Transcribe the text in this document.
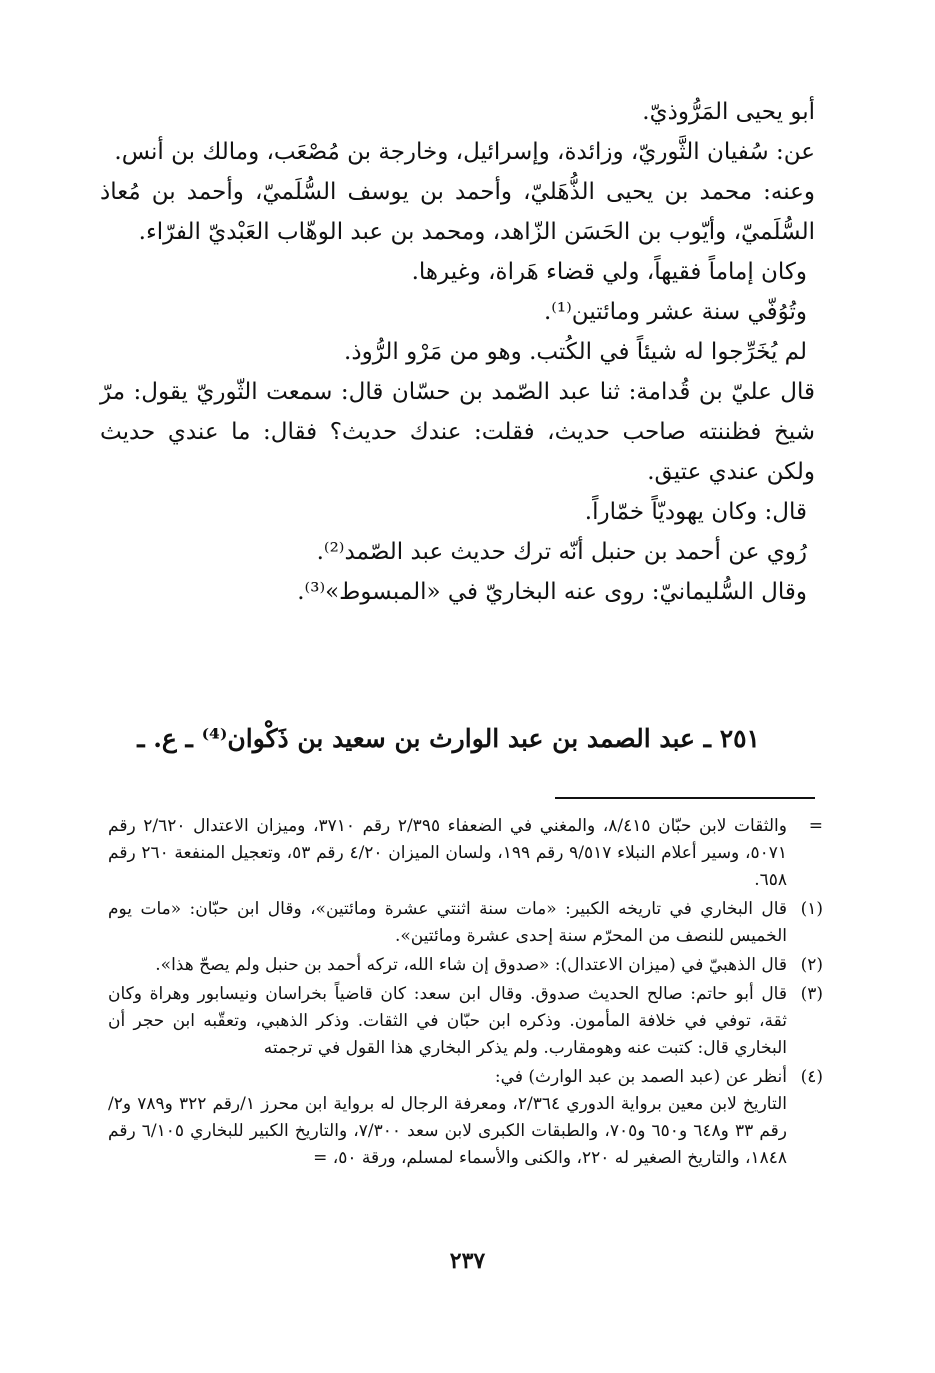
أبو يحيى المَرُّوذيّ.

عن: سُفيان الثَّوريّ، وزائدة، وإسرائيل، وخارجة بن مُصْعَب، ومالك بن أنس.

وعنه: محمد بن يحيى الذُّهَليّ، وأحمد بن يوسف السُّلَميّ، وأحمد بن مُعاذ السُّلَميّ، وأيّوب بن الحَسَن الزّاهد، ومحمد بن عبد الوهّاب العَبْديّ الفرّاء.

وكان إماماً فقيهاً، ولي قضاء هَراة، وغيرها.

وتُوُفّي سنة عشر ومائتين⁽¹⁾.

لم يُخَرِّجوا له شيئاً في الكُتب. وهو من مَرْو الرُّوذ.

قال عليّ بن قُدامة: ثنا عبد الصّمد بن حسّان قال: سمعت الثّوريّ يقول: مرّ شيخ فظننته صاحب حديث، فقلت: عندك حديث؟ فقال: ما عندي حديث ولكن عندي عتيق.

قال: وكان يهوديّاً خمّاراً.

رُوي عن أحمد بن حنبل أنّه ترك حديث عبد الصّمد⁽²⁾.

وقال السُّليمانيّ: روى عنه البخاريّ في «المبسوط»⁽³⁾.

٢٥١ ـ عبد الصمد بن عبد الوارث بن سعيد بن ذَكْوان⁽⁴⁾ ـ ع. ـ
=

والثقات لابن حبّان ٨/٤١٥، والمغني في الضعفاء ٢/٣٩٥ رقم ٣٧١٠، وميزان الاعتدال ٢/٦٢٠ رقم ٥٠٧١، وسير أعلام النبلاء ٩/٥١٧ رقم ١٩٩، ولسان الميزان ٤/٢٠ رقم ٥٣، وتعجيل المنفعة ٢٦٠ رقم ٦٥٨.

(١)

قال البخاري في تاريخه الكبير: «مات سنة اثنتي عشرة ومائتين»، وقال ابن حبّان: «مات يوم الخميس للنصف من المحرّم سنة إحدى عشرة ومائتين».

(٢)

قال الذهبيّ في (ميزان الاعتدال): «صدوق إن شاء الله، تركه أحمد بن حنبل ولم يصحّ هذا».

(٣)

قال أبو حاتم: صالح الحديث صدوق. وقال ابن سعد: كان قاضياً بخراسان ونيسابور وهراة وكان ثقة، توفي في خلافة المأمون. وذكره ابن حبّان في الثقات. وذكر الذهبي، وتعقّبه ابن حجر أن البخاري قال: كتبت عنه وهومقارب. ولم يذكر البخاري هذا القول في ترجمته

(٤)

أنظر عن (عبد الصمد بن عبد الوارث) في:

التاريخ لابن معين برواية الدوري ٢/٣٦٤، ومعرفة الرجال له برواية ابن محرز ١/رقم ٣٢٢ و٧٨٩ و٢/رقم ٣٣ و٦٤٨ و٦٥٠ و٧٠٥، والطبقات الكبرى لابن سعد ٧/٣٠٠، والتاريخ الكبير للبخاري ٦/١٠٥ رقم ١٨٤٨، والتاريخ الصغير له ٢٢٠، والكنى والأسماء لمسلم، ورقة ٥٠، =

٢٣٧
